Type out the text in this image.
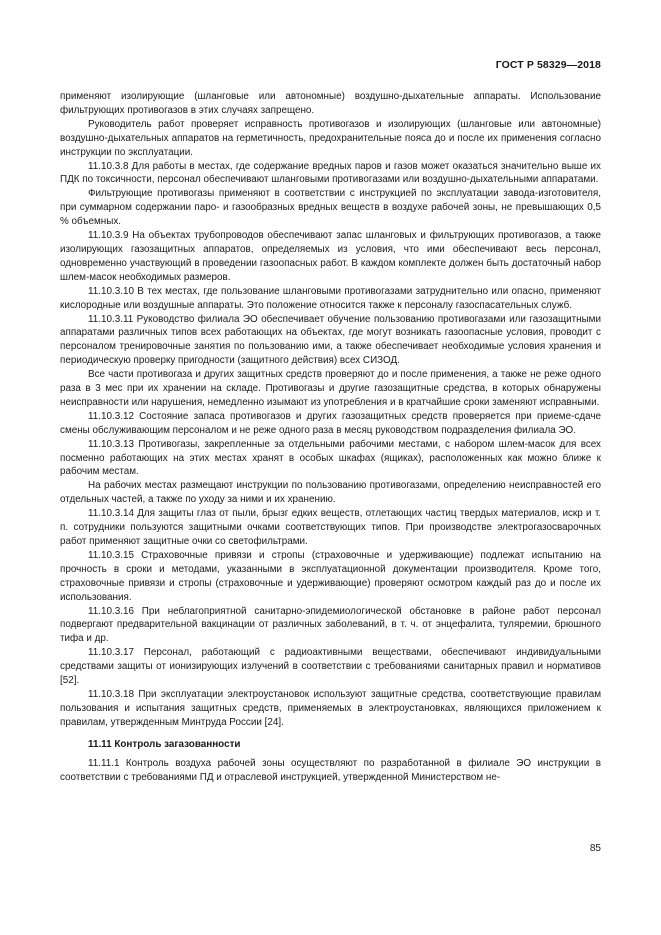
ГОСТ Р 58329—2018

применяют изолирующие (шланговые или автономные) воздушно-дыхательные аппараты. Использование фильтрующих противогазов в этих случаях запрещено.

Руководитель работ проверяет исправность противогазов и изолирующих (шланговые или автономные) воздушно-дыхательных аппаратов на герметичность, предохранительные пояса до и после их применения согласно инструкции по эксплуатации.

11.10.3.8 Для работы в местах, где содержание вредных паров и газов может оказаться значительно выше их ПДК по токсичности, персонал обеспечивают шланговыми противогазами или воздушно-дыхательными аппаратами.

Фильтрующие противогазы применяют в соответствии с инструкцией по эксплуатации завода-изготовителя, при суммарном содержании паро- и газообразных вредных веществ в воздухе рабочей зоны, не превышающих 0,5 % объемных.

11.10.3.9 На объектах трубопроводов обеспечивают запас шланговых и фильтрующих противогазов, а также изолирующих газозащитных аппаратов, определяемых из условия, что ими обеспечивают весь персонал, одновременно участвующий в проведении газоопасных работ. В каждом комплекте должен быть достаточный набор шлем-масок необходимых размеров.

11.10.3.10 В тех местах, где пользование шланговыми противогазами затруднительно или опасно, применяют кислородные или воздушные аппараты. Это положение относится также к персоналу газоспасательных служб.

11.10.3.11 Руководство филиала ЭО обеспечивает обучение пользованию противогазами или газозащитными аппаратами различных типов всех работающих на объектах, где могут возникать газоопасные условия, проводит с персоналом тренировочные занятия по пользованию ими, а также обеспечивает необходимые условия хранения и периодическую проверку пригодности (защитного действия) всех СИЗОД.

Все части противогаза и других защитных средств проверяют до и после применения, а также не реже одного раза в 3 мес при их хранении на складе. Противогазы и другие газозащитные средства, в которых обнаружены неисправности или нарушения, немедленно изымают из употребления и в кратчайшие сроки заменяют исправными.

11.10.3.12 Состояние запаса противогазов и других газозащитных средств проверяется при приеме-сдаче смены обслуживающим персоналом и не реже одного раза в месяц руководством подразделения филиала ЭО.

11.10.3.13 Противогазы, закрепленные за отдельными рабочими местами, с набором шлем-масок для всех посменно работающих на этих местах хранят в особых шкафах (ящиках), расположенных как можно ближе к рабочим местам.

На рабочих местах размещают инструкции по пользованию противогазами, определению неисправностей его отдельных частей, а также по уходу за ними и их хранению.

11.10.3.14 Для защиты глаз от пыли, брызг едких веществ, отлетающих частиц твердых материалов, искр и т. п. сотрудники пользуются защитными очками соответствующих типов. При производстве электрогазосварочных работ применяют защитные очки со светофильтрами.

11.10.3.15 Страховочные привязи и стропы (страховочные и удерживающие) подлежат испытанию на прочность в сроки и методами, указанными в эксплуатационной документации производителя. Кроме того, страховочные привязи и стропы (страховочные и удерживающие) проверяют осмотром каждый раз до и после их использования.

11.10.3.16 При неблагоприятной санитарно-эпидемиологической обстановке в районе работ персонал подвергают предварительной вакцинации от различных заболеваний, в т. ч. от энцефалита, туляремии, брюшного тифа и др.

11.10.3.17 Персонал, работающий с радиоактивными веществами, обеспечивают индивидуальными средствами защиты от ионизирующих излучений в соответствии с требованиями санитарных правил и нормативов [52].

11.10.3.18 При эксплуатации электроустановок используют защитные средства, соответствующие правилам пользования и испытания защитных средств, применяемых в электроустановках, являющихся приложением к правилам, утвержденным Минтруда России [24].

11.11 Контроль загазованности

11.11.1 Контроль воздуха рабочей зоны осуществляют по разработанной в филиале ЭО инструкции в соответствии с требованиями ПД и отраслевой инструкцией, утвержденной Министерством не-

85
